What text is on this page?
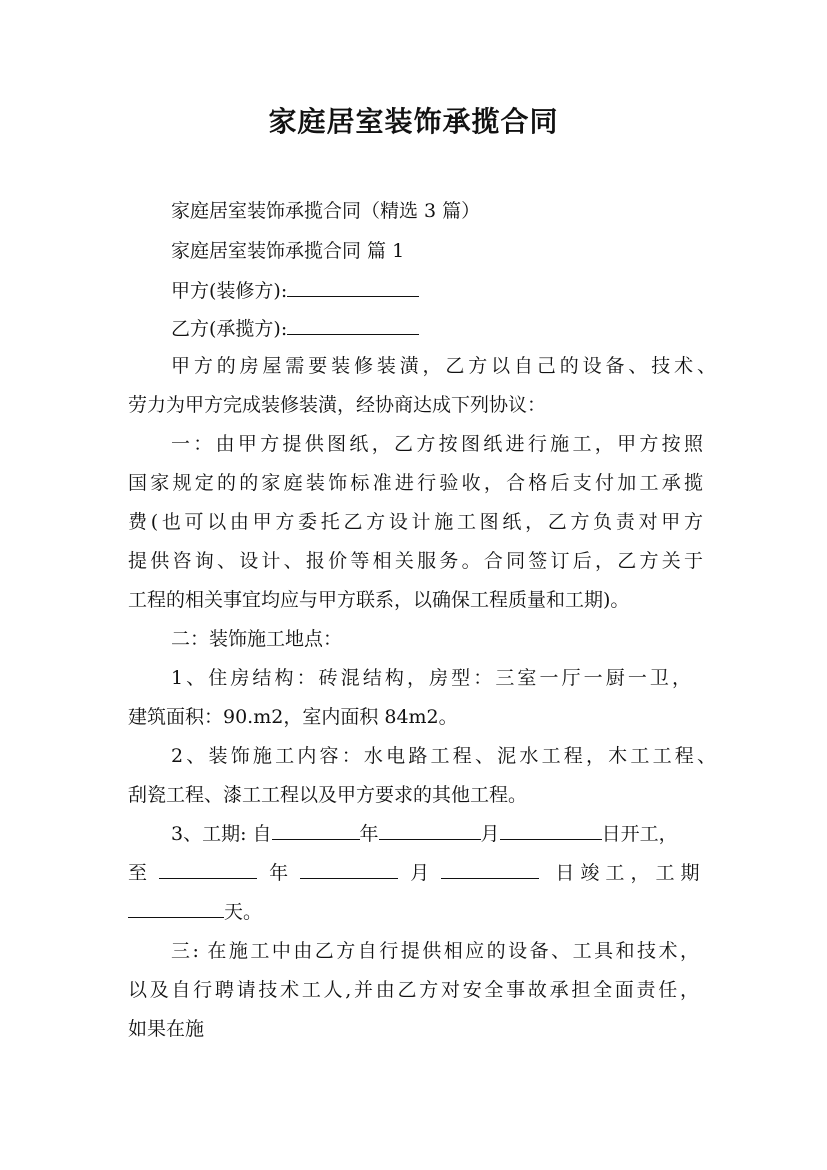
家庭居室装饰承揽合同
家庭居室装饰承揽合同（精选 3 篇）
家庭居室装饰承揽合同 篇 1
甲方(装修方):
乙方(承揽方):
甲方的房屋需要装修装潢，乙方以自己的设备、技术、
劳力为甲方完成装修装潢，经协商达成下列协议：
一：由甲方提供图纸，乙方按图纸进行施工，甲方按照
国家规定的的家庭装饰标准进行验收，合格后支付加工承揽
费(也可以由甲方委托乙方设计施工图纸，乙方负责对甲方
提供咨询、设计、报价等相关服务。合同签订后，乙方关于
工程的相关事宜均应与甲方联系，以确保工程质量和工期)。
二：装饰施工地点：
1、住房结构：砖混结构，房型：三室一厅一厨一卫，
建筑面积：90.m2，室内面积 84m2。
2、装饰施工内容：水电路工程、泥水工程，木工工程、
刮瓷工程、漆工工程以及甲方要求的其他工程。
3、工期: 自	年	月	日开工，
至	年	月	日 竣 工 ， 工 期
天。
三: 在施工中由乙方自行提供相应的设备、工具和技术，
以及自行聘请技术工人,并由乙方对安全事故承担全面责任，
如果在施
